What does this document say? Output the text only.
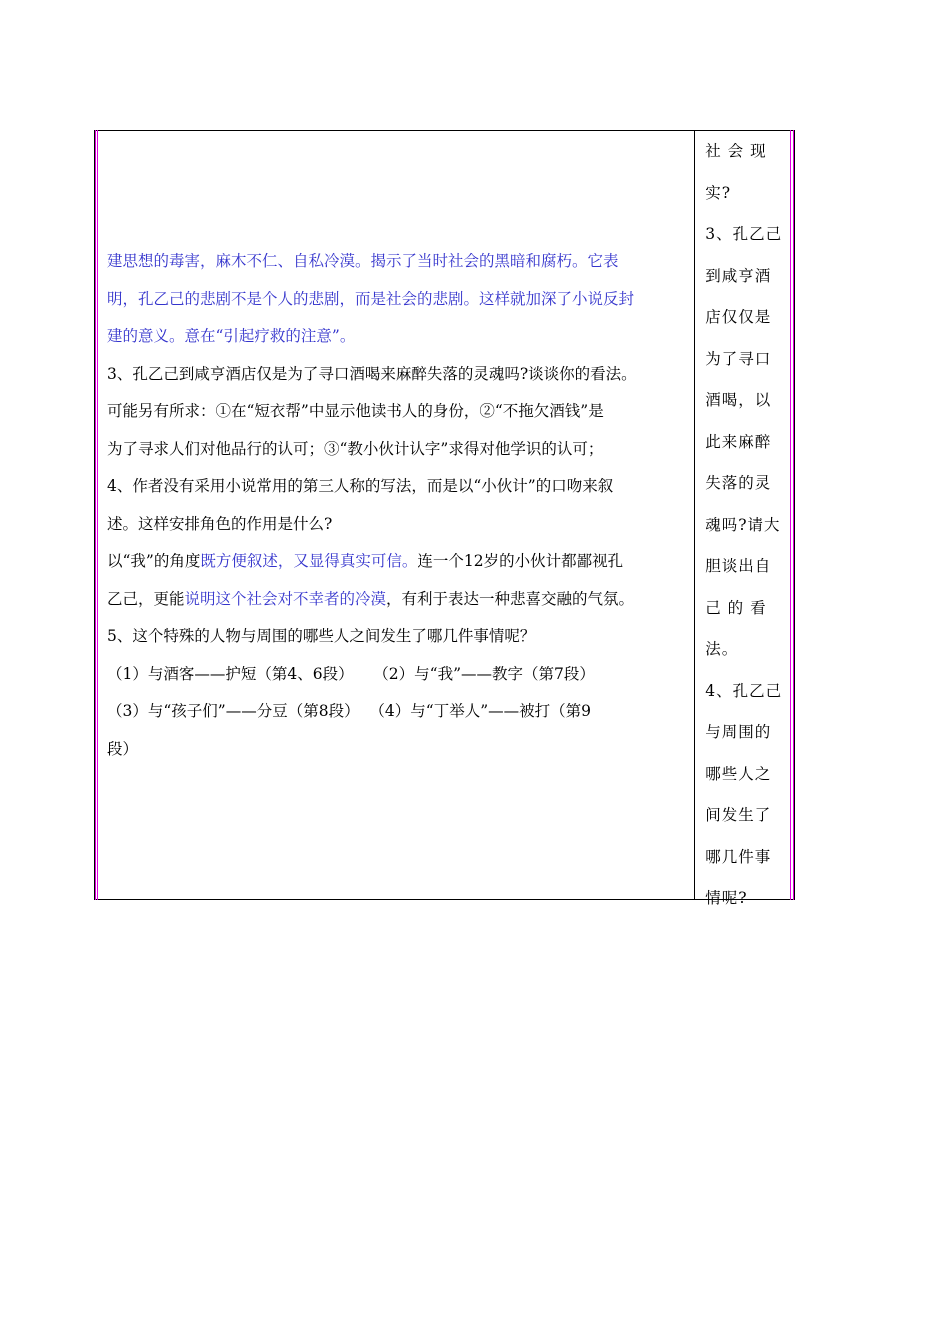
建思想的毒害，麻木不仁、自私冷漠。揭示了当时社会的黑暗和腐朽。它表

明，孔乙己的悲剧不是个人的悲剧，而是社会的悲剧。这样就加深了小说反封

建的意义。意在“引起疗救的注意”。

3、孔乙己到咸亨酒店仅是为了寻口酒喝来麻醉失落的灵魂吗?谈谈你的看法。

可能另有所求：①在“短衣帮”中显示他读书人的身份，②“不拖欠酒钱”是

为了寻求人们对他品行的认可；③“教小伙计认字”求得对他学识的认可；

4、作者没有采用小说常用的第三人称的写法，而是以“小伙计”的口吻来叙

述。这样安排角色的作用是什么?

以“我”的角度既方便叙述，又显得真实可信。连一个12岁的小伙计都鄙视孔

乙己，更能说明这个社会对不幸者的冷漠，有利于表达一种悲喜交融的气氛。

5、这个特殊的人物与周围的哪些人之间发生了哪几件事情呢？

（1）与酒客——护短（第4、6段）    （2）与“我”——教字（第7段）

（3）与“孩子们”——分豆（第8段）  （4）与“丁举人”——被打（第9

段）

社 会 现

实?

3、孔乙己

到咸亨酒

店仅仅是

为了寻口

酒喝，以

此来麻醉

失落的灵

魂吗?请大

胆谈出自

己 的 看

法。

4、孔乙己

与周围的

哪些人之

间发生了

哪几件事

情呢?
